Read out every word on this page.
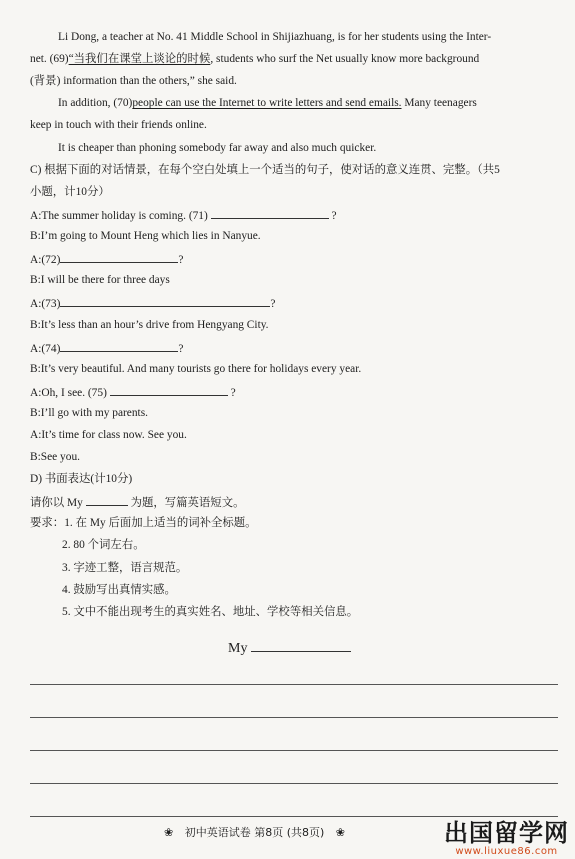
Li Dong, a teacher at No. 41 Middle School in Shijiazhuang, is for her students using the Inter-
net. (69)“当我们在课堂上谈论的时候, students who surf the Net usually know more background
(背景) information than the others,” she said.
In addition, (70)people can use the Internet to write letters and send emails. Many teenagers
keep in touch with their friends online.
It is cheaper than phoning somebody far away and also much quicker.
C) 根据下面的对话情景，在每个空白处填上一个适当的句子，使对话的意义连贯、完整。（共5
小题，计10分）
A:The summer holiday is coming. (71)	?
B:I’m going to Mount Heng which lies in Nanyue.
A:(72)	?
B:I will be there for three days
A:(73)	?
B:It’s less than an hour’s drive from Hengyang City.
A:(74)	?
B:It’s very beautiful. And many tourists go there for holidays every year.
A:Oh, I see. (75)	?
B:I’ll go with my parents.
A:It’s time for class now. See you.
B:See you.
D) 书面表达(计10分)
请你以 My	为题，写篇英语短文。
要求：1. 在 My 后面加上适当的词补全标题。
2. 80 个词左右。
3. 字迹工整，语言规范。
4. 鼓励写出真情实感。
5. 文中不能出现考生的真实姓名、地址、学校等相关信息。
My
❀ 初中英语试卷 第8页 (共8页) ❀	出国留学网
www.liuxue86.com
